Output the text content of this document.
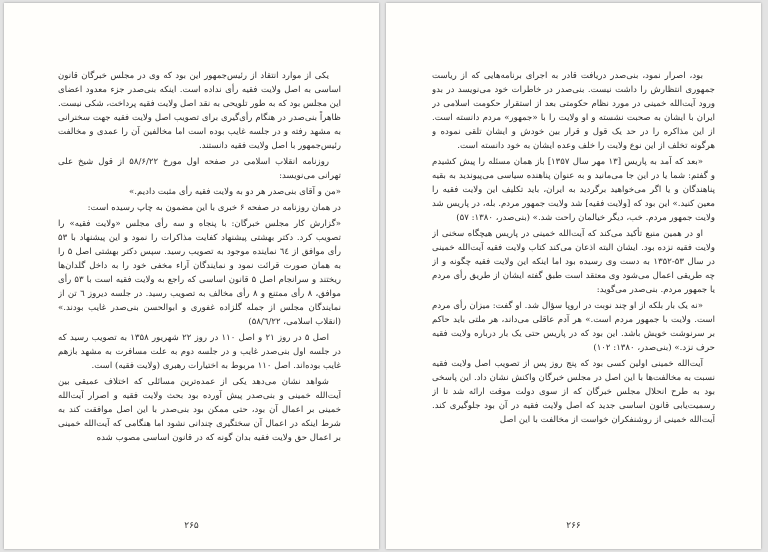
یکی از موارد انتقاد از رئیس‌جمهور این بود که وی در مجلس خبرگان قانون اساسی به اصل ولایت فقیه رأی نداده است. اینکه بنی‌صدر جزء معدود اعضای این مجلس بود که به طور تلویحی به نقد اصل ولایت فقیه پرداخت، شکی نیست. ظاهراً بنی‌صدر در هنگام رأی‌گیری برای تصویب اصل ولایت فقیه جهت سخنرانی به مشهد رفته و در جلسه غایب بوده است اما مخالفین آن را عمدی و مخالفت رئیس‌جمهور با اصل ولایت فقیه دانستند.

روزنامه انقلاب اسلامی در صفحه اول مورخ ۵۸/۶/۲۲ از قول شیخ علی تهرانی می‌نویسد:

«من و آقای بنی‌صدر هر دو به ولایت فقیه رأی مثبت دادیم.»

در همان روزنامه در صفحه ۶ خبری با این مضمون به چاپ رسیده است:

«گزارش کار مجلس خبرگان: با پنجاه و سه رأی مجلس «ولایت فقیه» را تصویب کرد. دکتر بهشتی پیشنهاد کفایت مذاکرات را نمود و این پیشنهاد با ۵۳ رأی موافق از ٦٤ نماینده موجود به تصویب رسید. سپس دکتر بهشتی اصل ۵ را به همان صورت قرائت نمود و نمایندگان آراء مخفی خود را به داخل گلدان‌ها ریختند و سرانجام اصل ۵ قانون اساسی که راجع به ولایت فقیه است با ۵۳ رأی موافق، ۸ رأی ممتنع و ۸ رأی مخالف به تصویب رسید. در جلسه دیروز ٦ تن از نمایندگان مجلس از جمله گلزاده غفوری و ابوالحسن بنی‌صدر غایب بودند.» (انقلاب اسلامی، ۵۸/٦/۲۲)

اصل ۵ در روز ۲۱ و اصل ۱۱۰ در روز ۲۲ شهریور ۱۳۵۸ به تصویب رسید که در جلسه اول بنی‌صدر غایب و در جلسه دوم به علت مسافرت به مشهد بازهم غایب بوده‌اند. اصل ۱۱۰ مربوط به اختیارات رهبری (ولایت فقیه) است.

شواهد نشان می‌دهد یکی از عمده‌ترین مسائلی که اختلاف عمیقی بین آیت‌الله خمینی و بنی‌صدر پیش آورده بود بحث ولایت فقیه و اصرار آیت‌الله خمینی بر اعمال آن بود، حتی ممکن بود بنی‌صدر با این اصل موافقت کند به شرط اینکه در اعمال آن سختگیری چندانی نشود اما هنگامی که آیت‌الله خمینی بر اعمال حق ولایت فقیه بدان گونه که در قانون اساسی مصوب شده

۲۶۵

بود، اصرار نمود، بنی‌صدر دریافت قادر به اجرای برنامه‌هایی که از ریاست جمهوری انتظارش را داشت نیست. بنی‌صدر در خاطرات خود می‌نویسد در بدو ورود آیت‌الله خمینی در مورد نظام حکومتی بعد از استقرار حکومت اسلامی در ایران با ایشان به صحبت نشسته و او ولایت را با «جمهور» مردم دانسته است. از این مذاکره را در حد یک قول و قرار بین خودش و ایشان تلقی نموده و هرگونه تخلف از این نوع ولایت را خلف وعده ایشان به خود دانسته است.

«بعد که آمد به پاریس [۱۳ مهر سال ۱۳۵۷] باز همان مسئله را پیش کشیدم و گفتم: شما یا در این جا می‌مانید و به عنوان پناهنده سیاسی می‌پیوندید به بقیه پناهندگان و یا اگر می‌خواهید برگردید به ایران، باید تکلیف این ولایت فقیه را معین کنید.» این بود که [ولایت فقیه] شد ولایت جمهور مردم. بله، در پاریس شد ولایت جمهور مردم. خب، دیگر خیالمان راحت شد.» (بنی‌صدر، ۱۳۸۰: ۵۷)

او در همین منبع تأکید می‌کند که آیت‌الله خمینی در پاریس هیچگاه سخنی از ولایت فقیه نزده بود. ایشان البته اذعان می‌کند کتاب ولایت فقیه آیت‌الله خمینی در سال ۵۳-۱۳۵۲ به دست وی رسیده بود اما اینکه این ولایت فقیه چگونه و از چه طریقی اعمال می‌شود وی معتقد است طبق گفته ایشان از طریق رأی مردم یا جمهور مردم. بنی‌صدر می‌گوید:

«نه یک بار بلکه از او چند نوبت در اروپا سؤال شد. او گفت: میزان رأی مردم است. ولایت با جمهور مردم است.» هر آدم عاقلی می‌داند، هر ملتی باید حاکم بر سرنوشت خویش باشد. این بود که در پاریس حتی یک بار درباره ولایت فقیه حرف نزد.» (بنی‌صدر، ۱۳۸۰: ۱۰۲)

آیت‌الله خمینی اولین کسی بود که پنج روز پس از تصویب اصل ولایت فقیه نسبت به مخالفت‌ها با این اصل در مجلس خبرگان واکنش نشان داد. این پاسخی بود به طرح انحلال مجلس خبرگان که از سوی دولت موقت ارائه شد تا از رسمیت‌یابی قانون اساسی جدید که اصل ولایت فقیه در آن بود جلوگیری کند. آیت‌الله خمینی از روشنفکران خواست از مخالفت با این اصل

۲۶۶
